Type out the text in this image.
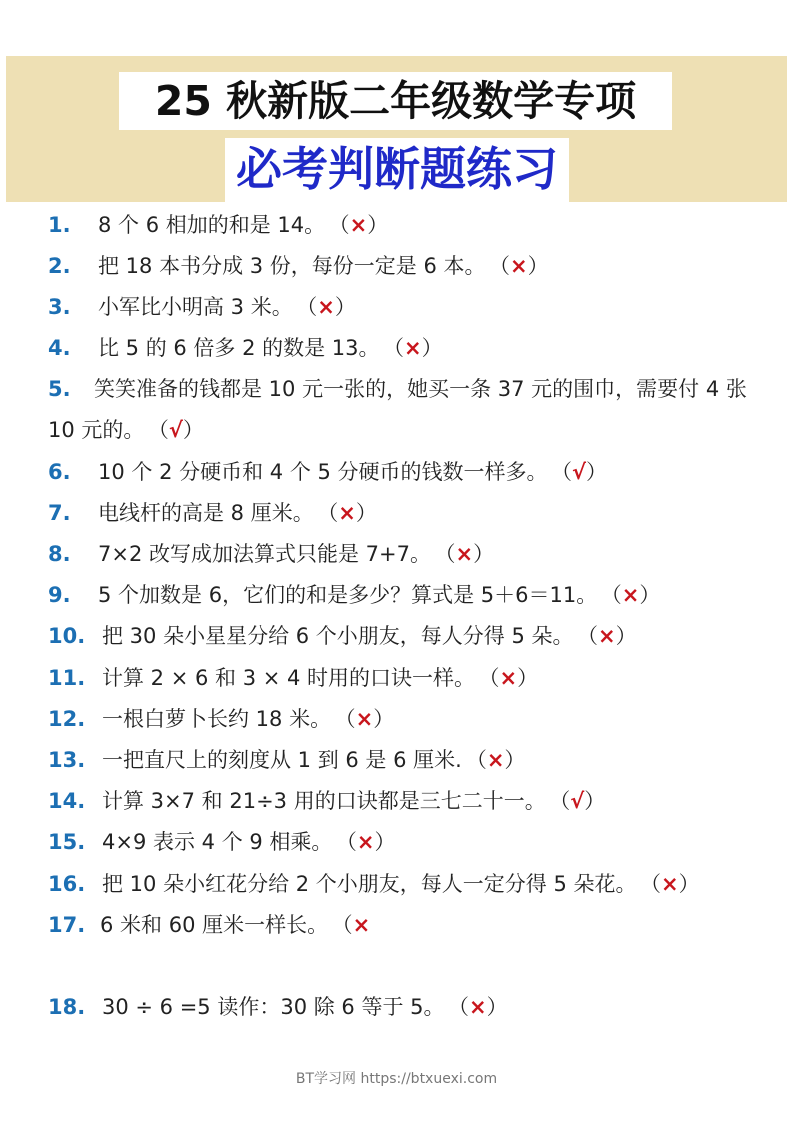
25 秋新版二年级数学专项
必考判断题练习
1. 8 个 6 相加的和是 14。 （×）
2. 把 18 本书分成 3 份，每份一定是 6 本。 （×）
3. 小军比小明高 3 米。 （×）
4. 比 5 的 6 倍多 2 的数是 13。 （×）
5. 笑笑准备的钱都是 10 元一张的，她买一条 37 元的围巾，需要付 4 张 10 元的。 （√）
6. 10 个 2 分硬币和 4 个 5 分硬币的钱数一样多。 （√）
7. 电线杆的高是 8 厘米。 （×）
8. 7×2 改写成加法算式只能是 7+7。 （×）
9. 5 个加数是 6，它们的和是多少？算式是 5＋6＝11。 （×）
10. 把 30 朵小星星分给 6 个小朋友，每人分得 5 朵。 （×）
11. 计算 2 × 6 和 3 × 4 时用的口诀一样。 （×）
12. 一根白萝卜长约 18 米。 （×）
13. 一把直尺上的刻度从 1 到 6 是 6 厘米. （×）
14. 计算 3×7 和 21÷3 用的口诀都是三七二十一。 （√）
15. 4×9 表示 4 个 9 相乘。 （×）
16. 把 10 朵小红花分给 2 个小朋友，每人一定分得 5 朵花。 （×）
17. 6 米和 60 厘米一样长。 （×
18. 30 ÷ 6 =5 读作：30 除 6 等于 5。 （×）
BT学习网 https://btxuexi.com
